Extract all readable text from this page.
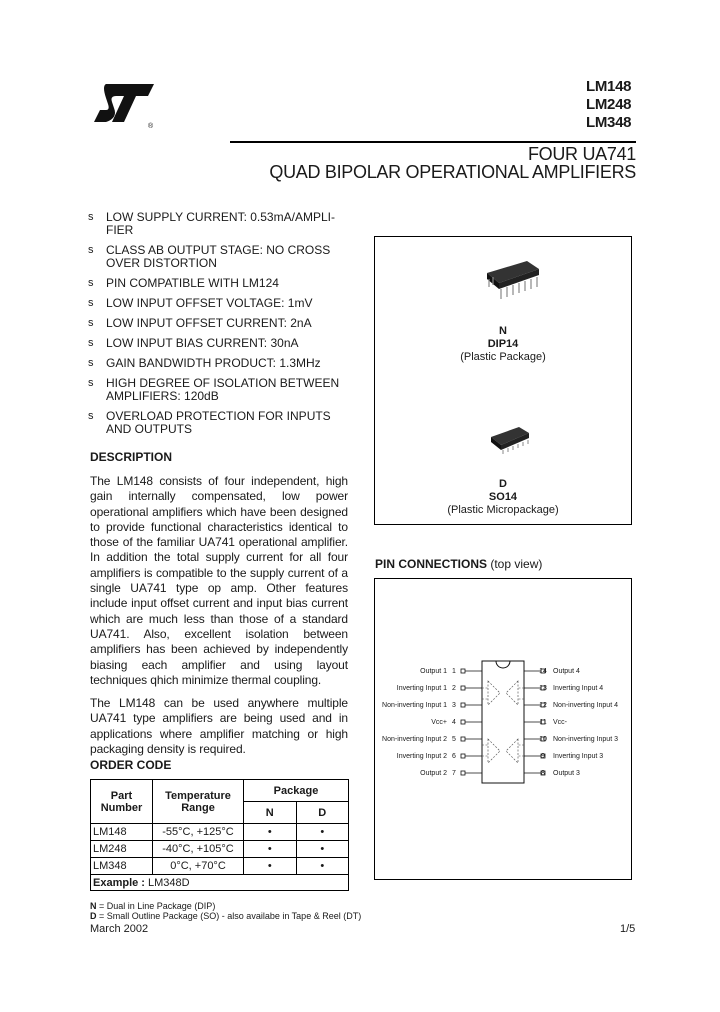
®
LM148
LM248
LM348
FOUR UA741
QUAD BIPOLAR OPERATIONAL AMPLIFIERS
s LOW SUPPLY CURRENT: 0.53mA/AMPLI-
FIER
s CLASS AB OUTPUT STAGE: NO CROSS
OVER DISTORTION
s PIN COMPATIBLE WITH LM124
s LOW INPUT OFFSET VOLTAGE: 1mV
s LOW INPUT OFFSET CURRENT: 2nA
s LOW INPUT BIAS CURRENT: 30nA
s GAIN BANDWIDTH PRODUCT: 1.3MHz
s HIGH DEGREE OF ISOLATION BETWEEN
AMPLIFIERS: 120dB
s OVERLOAD PROTECTION FOR INPUTS
AND OUTPUTS
DESCRIPTION

The LM148 consists of four independent, high gain internally compensated, low power operational amplifiers which have been designed to provide functional characteristics identical to those of the familiar UA741 operational amplifier. In addition the total supply current for all four amplifiers is compatible to the supply current of a single UA741 type op amp. Other features include input offset current and input bias current which are much less than those of a standard UA741. Also, excellent isolation between amplifiers has been achieved by independently biasing each amplifier and using layout techniques qhich minimize thermal coupling.

The LM148 can be used anywhere multiple UA741 type amplifiers are being used and in applications where amplifier matching or high packaging density is required.

ORDER CODE
Part Number	Temperature Range	Package	
		N	D
LM148	-55°C, +125°C	•	•
LM248	-40°C, +105°C	•	•
LM348	0°C, +70°C	•	•
Example : LM348D			
N = Dual in Line Package (DIP)
D = Small Outline Package (SO) - also availabe in Tape & Reel (DT)
March 2002	1/5
N
DIP14
(Plastic Package)
D
SO14
(Plastic Micropackage)
PIN CONNECTIONS (top view)
Output 1
Inverting Input 1
Non-inverting Input 1
Vcc+
Non-inverting Input 2
Inverting Input 2
Output 2
1
2
3
4
5
6
7
14
13
12
11
10
9
8
Output 4
Inverting Input 4
Non-inverting Input 4
Vcc-
Non-inverting Input 3
Inverting Input 3
Output 3
